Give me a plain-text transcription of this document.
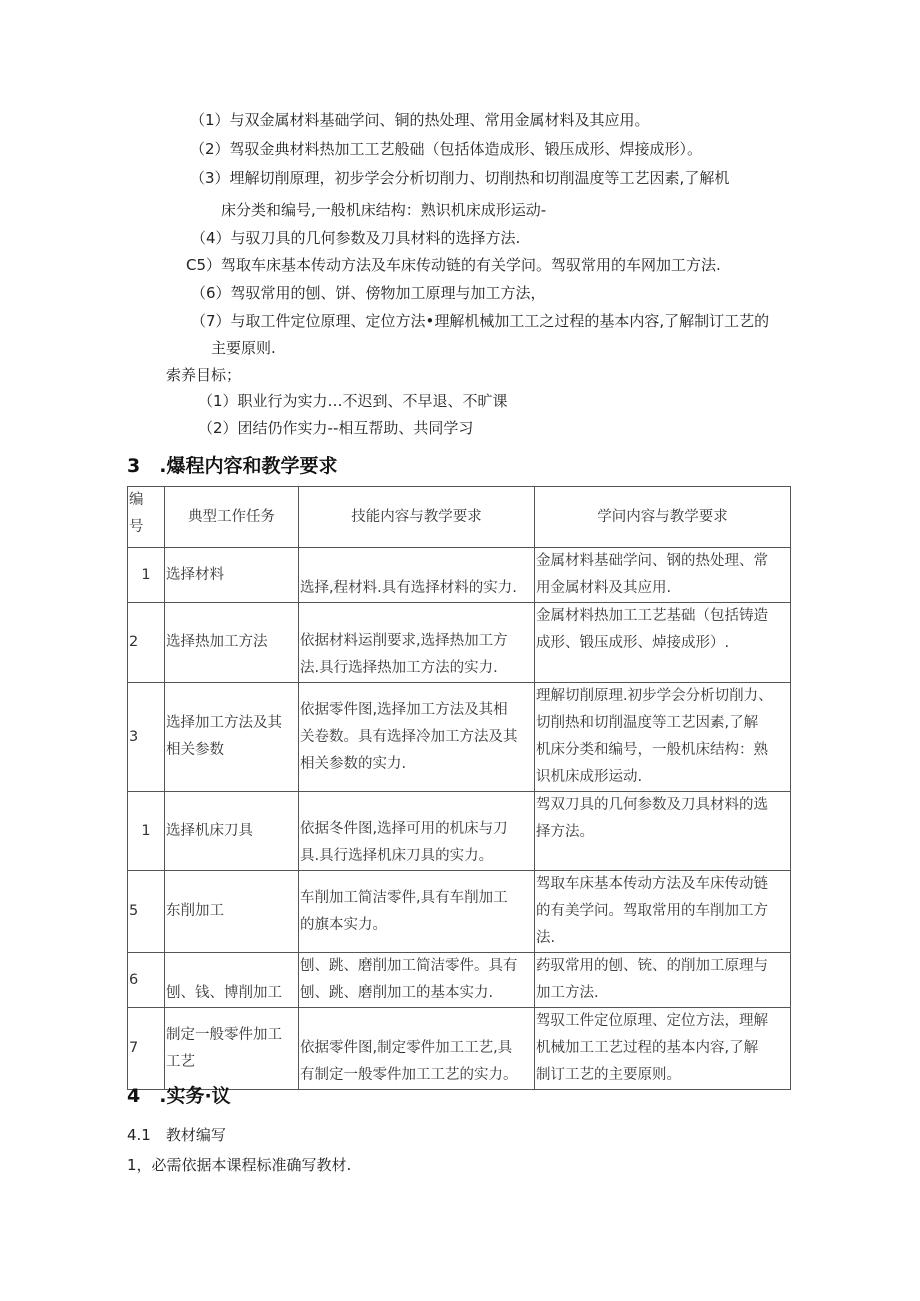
（1）与双金属材料基础学问、铜的热处理、常用金属材料及其应用。
（2）驾驭金典材料热加工工艺般础（包括体造成形、锻压成形、焊接成形）。
（3）埋解切削原理，初步学会分析切削力、切削热和切削温度等工艺因素,了解机
床分类和编号,一般机床结构：熟识机床成形运动-
（4）与驭刀具的几何参数及刀具材料的选择方法.
C5）驾取车床基本传动方法及车床传动链的有关学问。驾驭常用的车网加工方法.
（6）驾驭常用的刨、饼、傍物加工原理与加工方法，
（7）与取工件定位原理、定位方法•理解机械加工工之过程的基本内容,了解制订工艺的
主要原则.
索养目标；
（1）职业行为实力…不迟到、不早退、不旷课
（2）团结仍作实力--相互帮助、共同学习
3　.爆程内容和教学要求
编
号	典型工作任务	技能内容与教学要求	学问内容与教学要求

1	选择材料	选择,程材料.具有选择材料的实力.	金属材料基础学问、钢的热处理、常
用金属材料及其应用.

2	选择热加工方法	依据材料运削要求,选择热加工方
法.具行选择热加工方法的实力.	金属材料热加工工艺基础（包括铸造
成形、锻压成形、焯接成形）.

3	选择加工方法及其
相关参数	依据零件图,选择加工方法及其相
关卷数。具有选择冷加工方法及其
相关参数的实力.	理解切削原理.初步学会分析切削力、
切削热和切削温度等工艺因素,了解
机床分类和编号，一般机床结构：熟
识机床成形运动.

1	选择机床刀具	依据冬件图,选择可用的机床与刀
具.具行选择机床刀具的实力。	驾双刀具的几何参数及刀具材料的选
择方法。

5	东削加工	车削加工简洁零件,具有车削加工
的旗本实力。	驾取车床基本传动方法及车床传动链
的有美学问。驾取常用的车削加工方
法.

6	刨、钱、博削加工	刨、跳、磨削加工简洁零件。具有
刨、跳、磨削加工的基本实力.	药驭常用的刨、铳、的削加工原理与
加工方法.

7	制定一般零件加工
工艺	依据零件图,制定零件加工工艺,具
有制定一般零件加工工艺的实力。	驾驭工件定位原理、定位方法，理解
机械加工工艺过程的基本内容,了解
制订工艺的主要原则。
4　.实务·议
4.1　教材编写
1，必需依据本课程标准确写教材.
